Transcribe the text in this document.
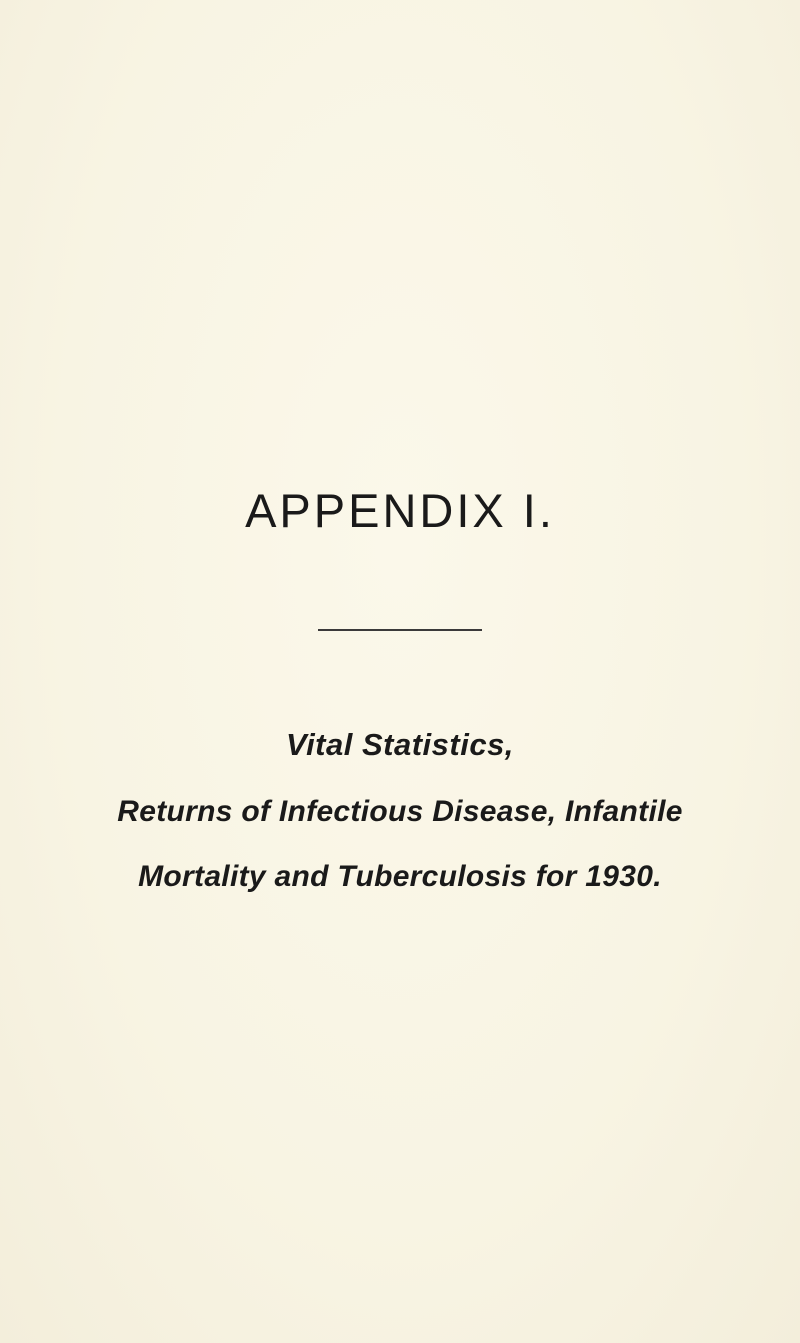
APPENDIX I.

Vital Statistics,

Returns of Infectious Disease, Infantile

Mortality and Tuberculosis for 1930.
